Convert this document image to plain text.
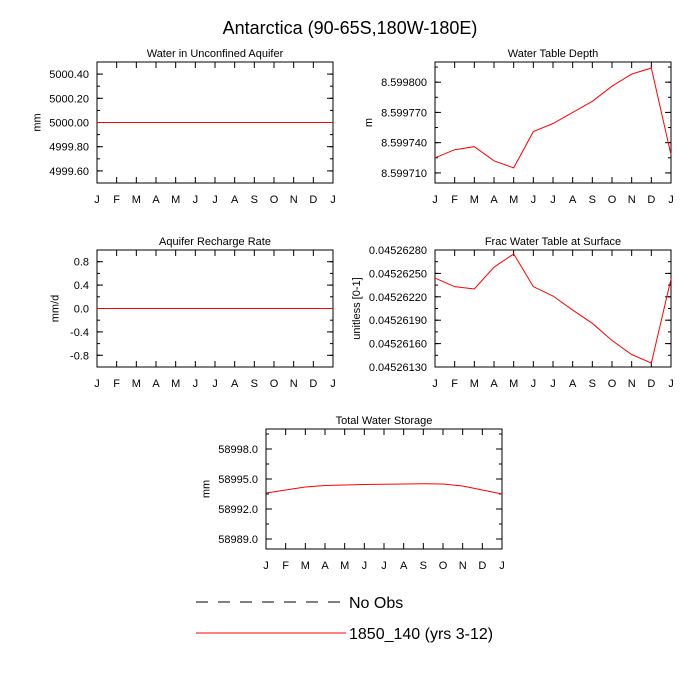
Antarctica (90-65S,180W-180E)
Water in Unconfined Aquifer
J F M A M J J A S O N D J
4999.60
4999.80
5000.00
5000.20
5000.40
mm
Water Table Depth
J F M A M J J A S O N D J
8.599710
8.599740
8.599770
8.599800
m
Aquifer Recharge Rate
J F M A M J J A S O N D J
-0.8
-0.4
0.0
0.4
0.8
mm/d
Frac Water Table at Surface
J F M A M J J A S O N D J
0.04526130
0.04526160
0.04526190
0.04526220
0.04526250
0.04526280
unitless [0-1]
Total Water Storage
J F M A M J J A S O N D J
58989.0
58992.0
58995.0
58998.0
mm
No Obs
1850_140 (yrs 3-12)
